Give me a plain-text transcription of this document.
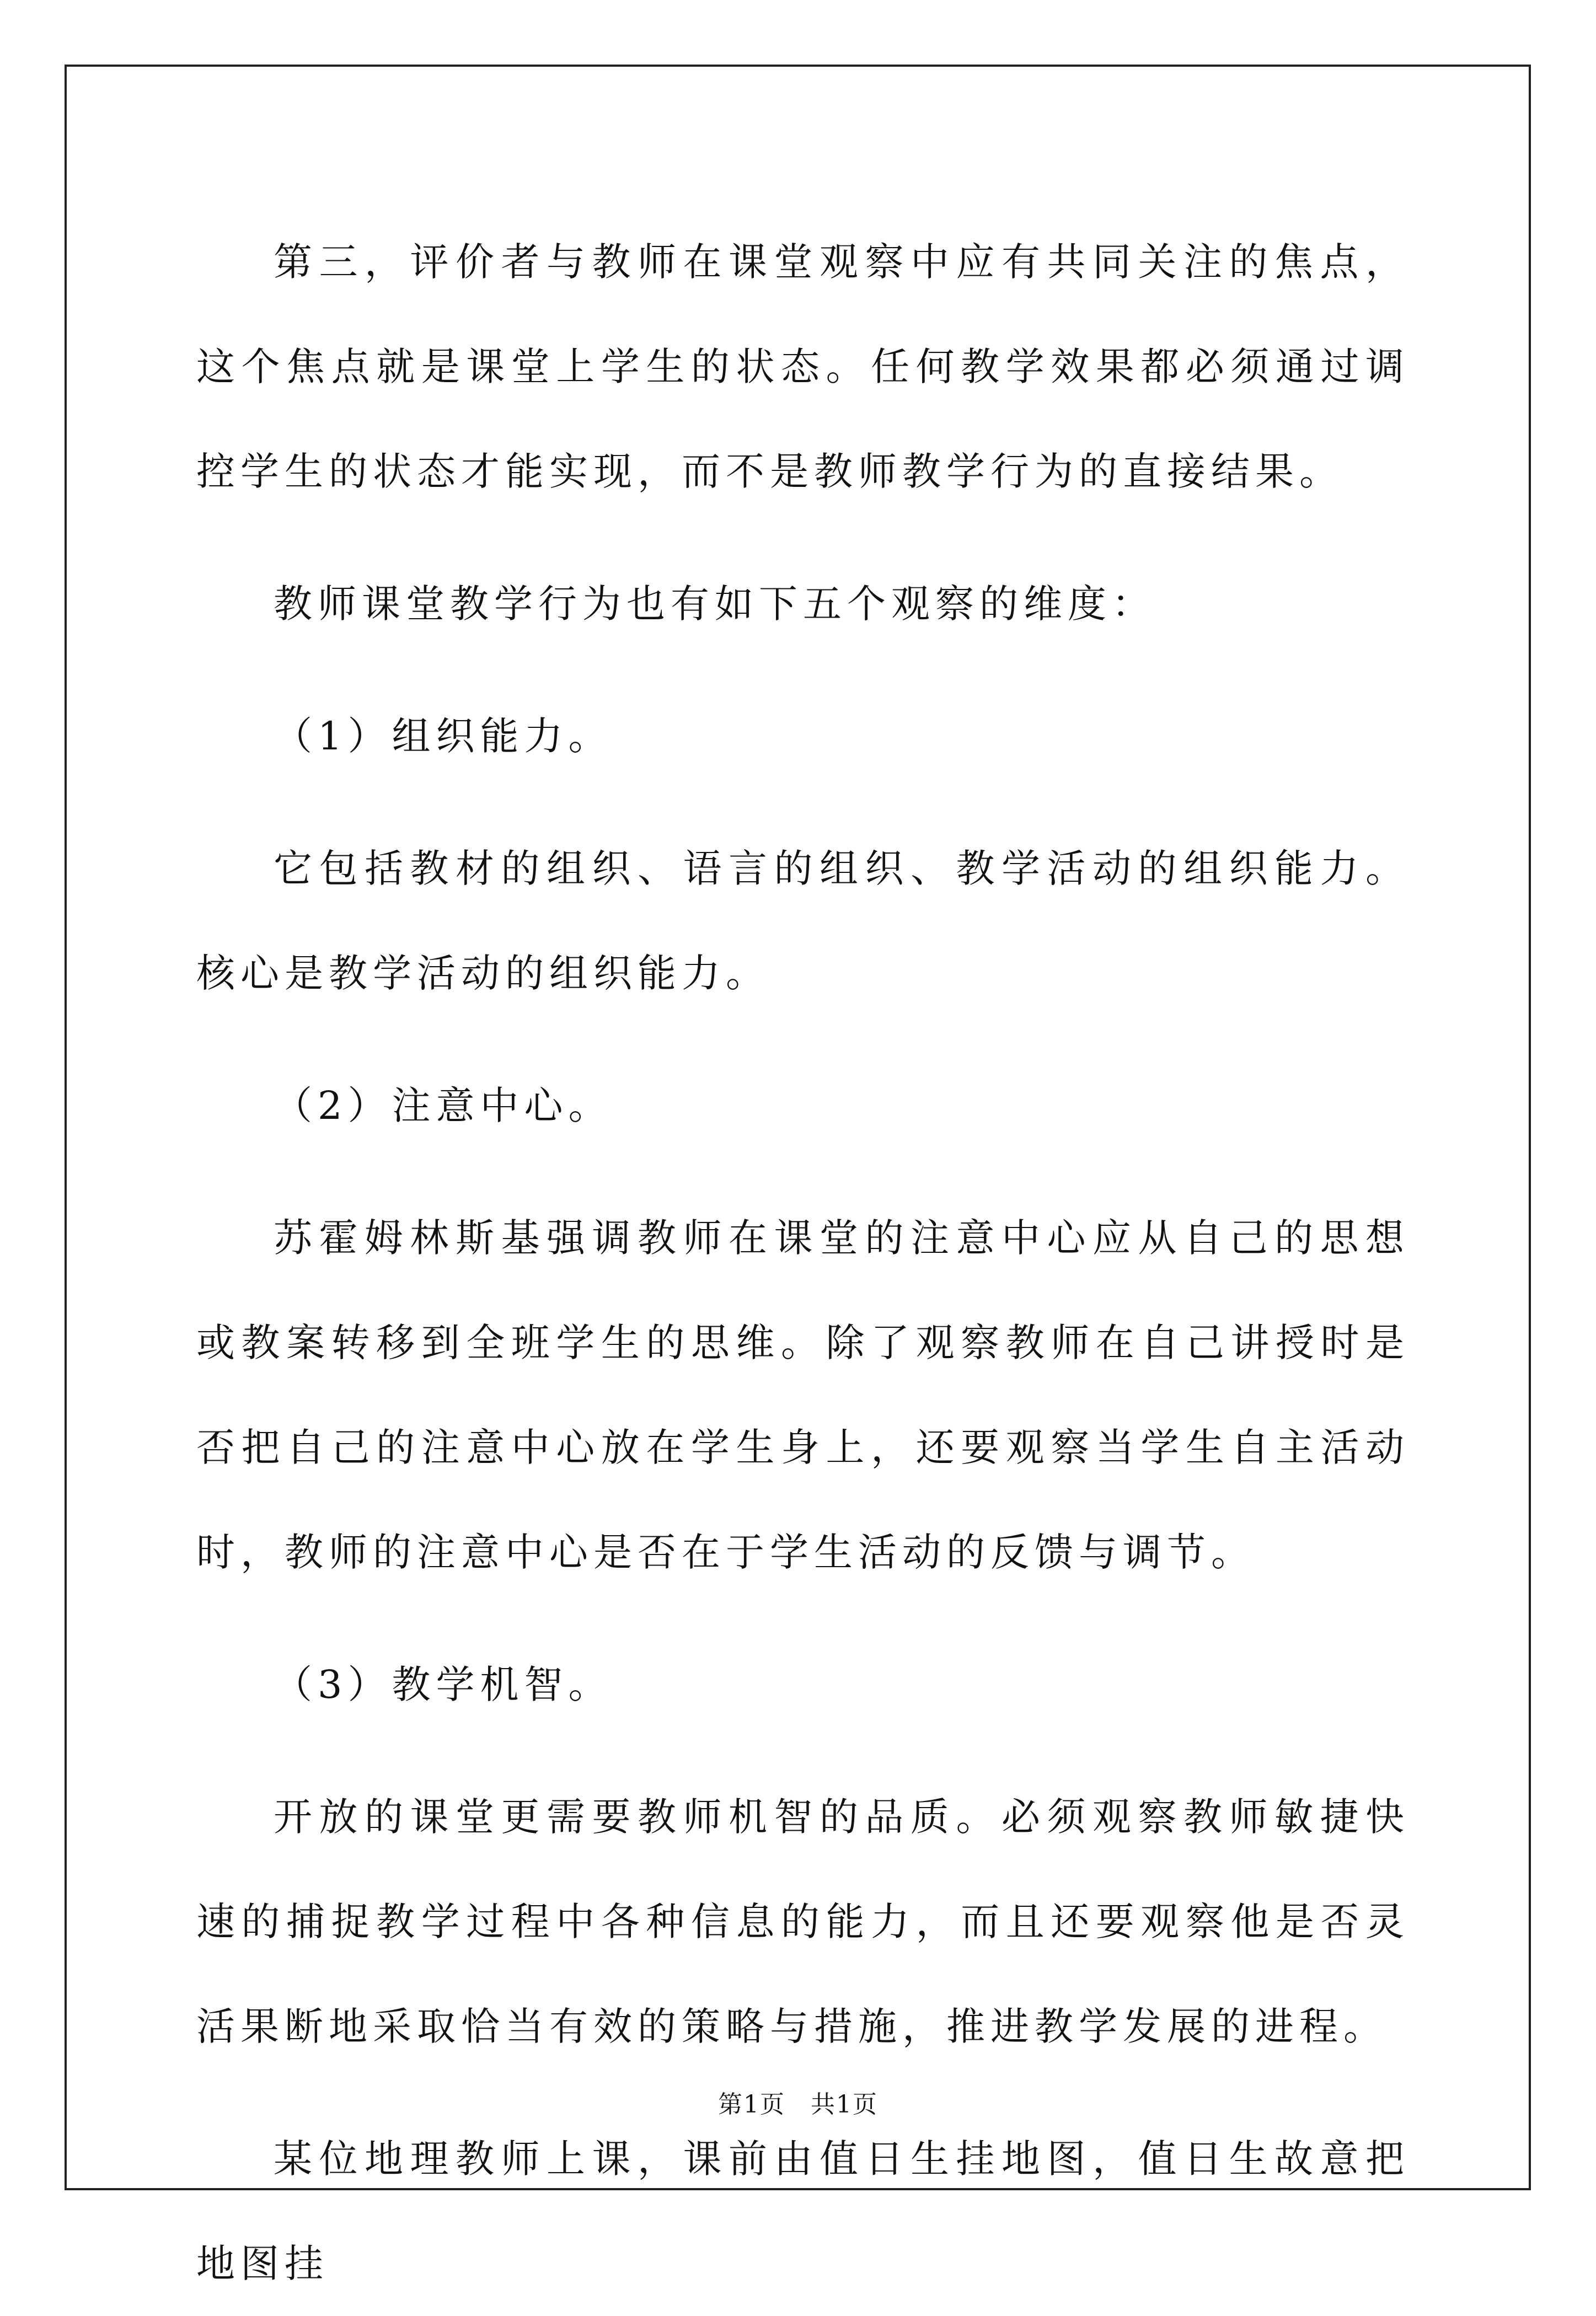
第三，评价者与教师在课堂观察中应有共同关注的焦点，这个焦点就是课堂上学生的状态。任何教学效果都必须通过调控学生的状态才能实现，而不是教师教学行为的直接结果。

教师课堂教学行为也有如下五个观察的维度：

（1）组织能力。

它包括教材的组织、语言的组织、教学活动的组织能力。核心是教学活动的组织能力。

（2）注意中心。

苏霍姆林斯基强调教师在课堂的注意中心应从自己的思想或教案转移到全班学生的思维。除了观察教师在自己讲授时是否把自己的注意中心放在学生身上，还要观察当学生自主活动时，教师的注意中心是否在于学生活动的反馈与调节。

（3）教学机智。

开放的课堂更需要教师机智的品质。必须观察教师敏捷快速的捕捉教学过程中各种信息的能力，而且还要观察他是否灵活果断地采取恰当有效的策略与措施，推进教学发展的进程。

某位地理教师上课，课前由值日生挂地图，值日生故意把地图挂

第1页　共1页
